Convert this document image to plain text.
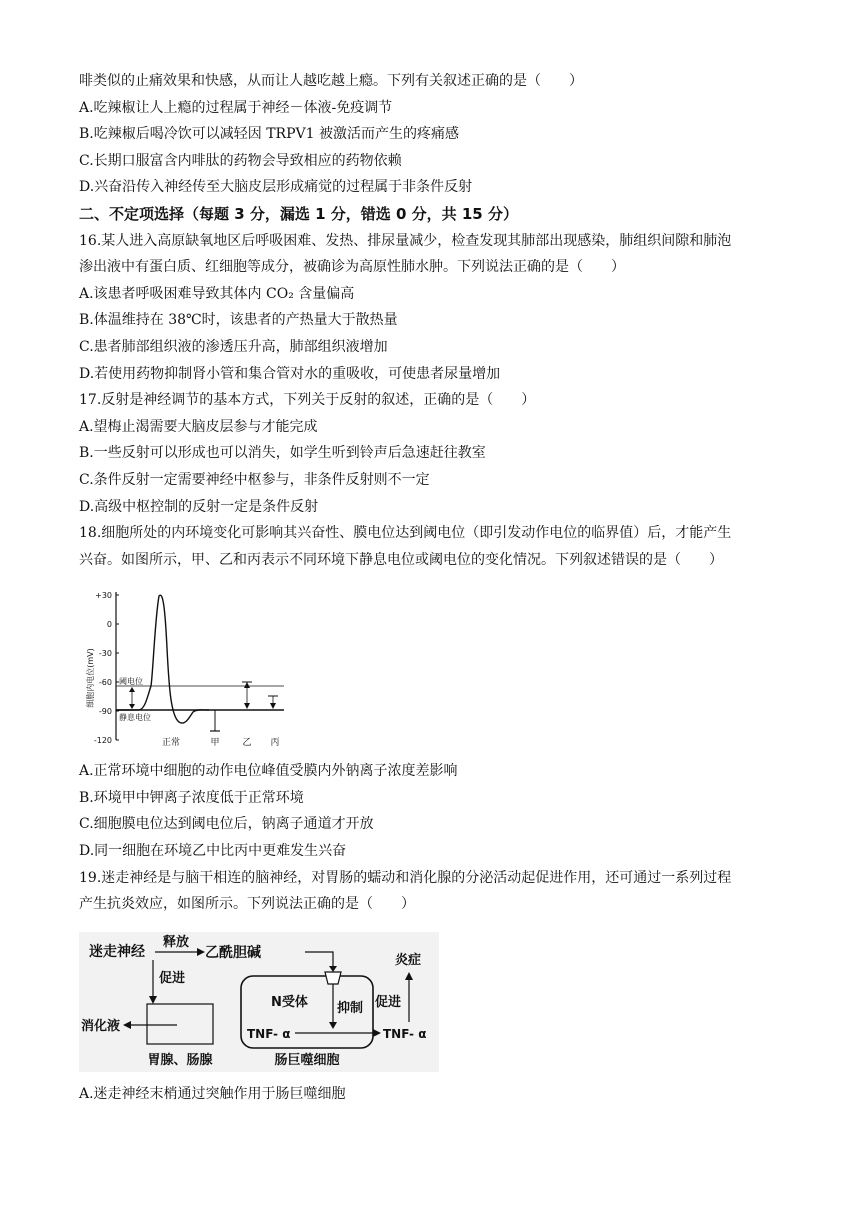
啡类似的止痛效果和快感，从而让人越吃越上瘾。下列有关叙述正确的是（　　）
A.吃辣椒让人上瘾的过程属于神经－体液-免疫调节
B.吃辣椒后喝冷饮可以减轻因 TRPV1 被激活而产生的疼痛感
C.长期口服富含内啡肽的药物会导致相应的药物依赖
D.兴奋沿传入神经传至大脑皮层形成痛觉的过程属于非条件反射
二、不定项选择（每题 3 分，漏选 1 分，错选 0 分，共 15 分）
16.某人进入高原缺氧地区后呼吸困难、发热、排尿量减少，检查发现其肺部出现感染，肺组织间隙和肺泡
渗出液中有蛋白质、红细胞等成分，被确诊为高原性肺水肿。下列说法正确的是（　　）
A.该患者呼吸困难导致其体内 CO₂ 含量偏高
B.体温维持在 38℃时，该患者的产热量大于散热量
C.患者肺部组织液的渗透压升高，肺部组织液增加
D.若使用药物抑制肾小管和集合管对水的重吸收，可使患者尿量增加
17.反射是神经调节的基本方式，下列关于反射的叙述，正确的是（　　）
A.望梅止渴需要大脑皮层参与才能完成
B.一些反射可以形成也可以消失，如学生听到铃声后急速赶往教室
C.条件反射一定需要神经中枢参与，非条件反射则不一定
D.高级中枢控制的反射一定是条件反射
18.细胞所处的内环境变化可影响其兴奋性、膜电位达到阈电位（即引发动作电位的临界值）后，才能产生
兴奋。如图所示，甲、乙和丙表示不同环境下静息电位或阈电位的变化情况。下列叙述错误的是（　　）
细胞内电位(mV)
+30
0
-30
-60
-90
-120
阈电位
静息电位
正常	甲	乙 丙
A.正常环境中细胞的动作电位峰值受膜内外钠离子浓度差影响
B.环境甲中钾离子浓度低于正常环境
C.细胞膜电位达到阈电位后，钠离子通道才开放
D.同一细胞在环境乙中比丙中更难发生兴奋
19.迷走神经是与脑干相连的脑神经，对胃肠的蠕动和消化腺的分泌活动起促进作用，还可通过一系列过程
产生抗炎效应，如图所示。下列说法正确的是（　　）
迷走神经
释放
乙酰胆碱
促进
消化液
胃腺、肠腺
N受体 抑制
TNF- α	TNF- α
肠巨噬细胞
促进
炎症
A.迷走神经末梢通过突触作用于肠巨噬细胞
